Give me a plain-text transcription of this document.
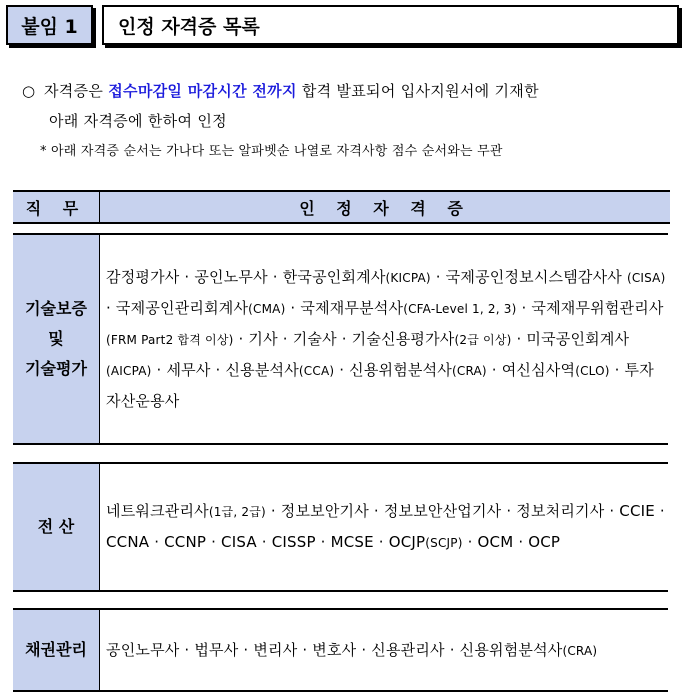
붙임 1	인정 자격증 목록
○ 자격증은 접수마감일 마감시간 전까지 합격 발표되어 입사지원서에 기재한
아래 자격증에 한하여 인정
* 아래 자격증 순서는 가나다 또는 알파벳순 나열로 자격사항 점수 순서와는 무관
직 무	인 정 자 격 증
기술보증
및
기술평가	감정평가사 · 공인노무사 · 한국공인회계사(KICPA) · 국제공인정보시스템감사사 (CISA) · 국제공인관리회계사(CMA) · 국제재무분석사(CFA-Level 1, 2, 3) · 국제재무위험관리사(FRM Part2 합격 이상) · 기사 · 기술사 · 기술신용평가사(2급 이상) · 미국공인회계사(AICPA) · 세무사 · 신용분석사(CCA) · 신용위험분석사(CRA) · 여신심사역(CLO) · 투자자산운용사
전 산	네트워크관리사(1급, 2급) · 정보보안기사 · 정보보안산업기사 · 정보처리기사 · CCIE · CCNA · CCNP · CISA · CISSP · MCSE · OCJP(SCJP) · OCM · OCP
채권관리	공인노무사 · 법무사 · 변리사 · 변호사 · 신용관리사 · 신용위험분석사(CRA)
